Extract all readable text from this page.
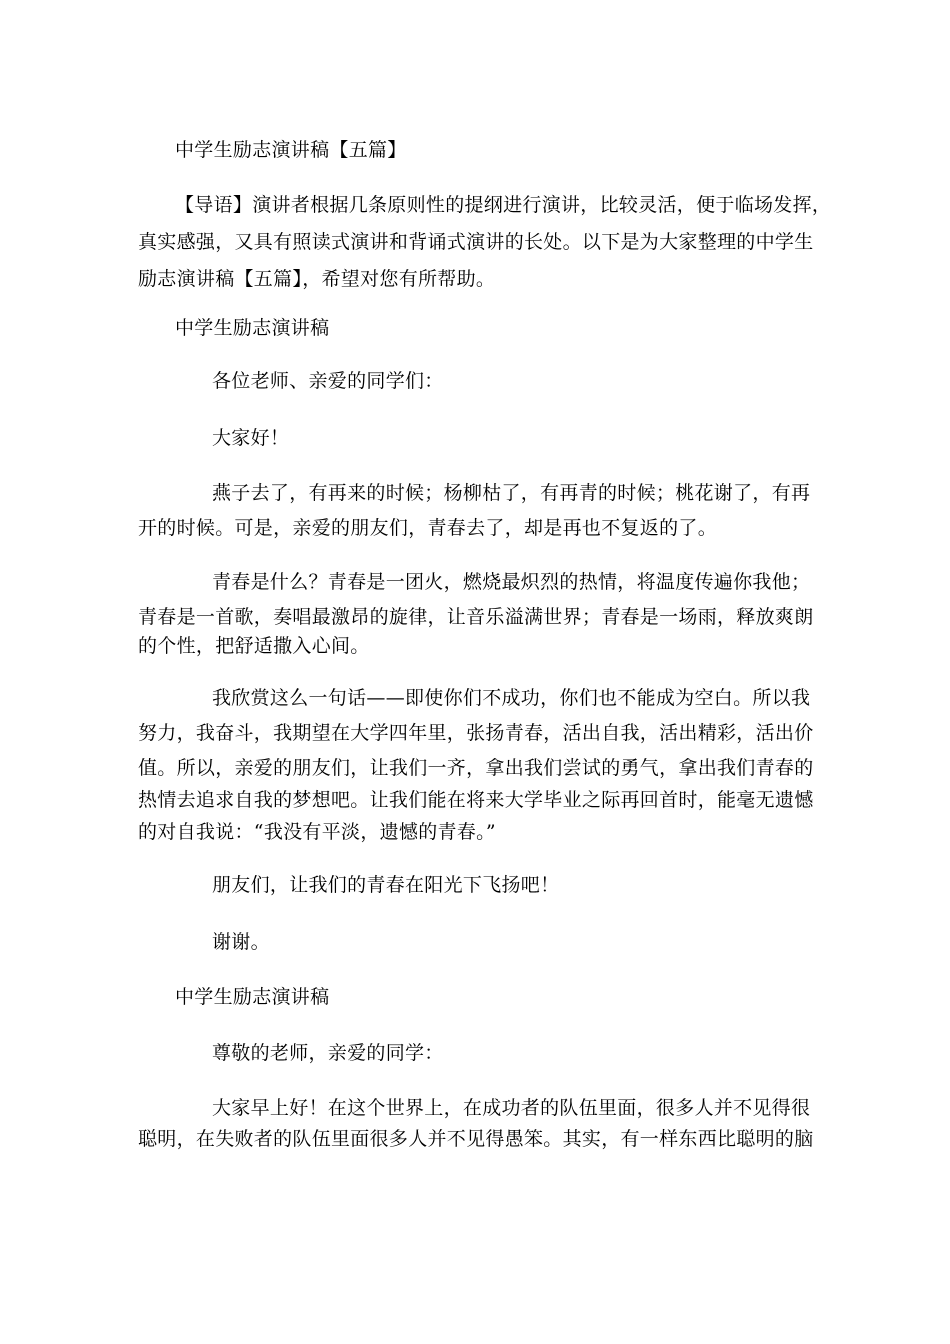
中学生励志演讲稿【五篇】
【导语】演讲者根据几条原则性的提纲进行演讲，比较灵活，便于临场发挥，
真实感强，又具有照读式演讲和背诵式演讲的长处。以下是为大家整理的中学生
励志演讲稿【五篇】，希望对您有所帮助。
中学生励志演讲稿
各位老师、亲爱的同学们：
大家好！
燕子去了，有再来的时候；杨柳枯了，有再青的时候；桃花谢了，有再
开的时候。可是，亲爱的朋友们，青春去了，却是再也不复返的了。
青春是什么？青春是一团火，燃烧最炽烈的热情，将温度传遍你我他；
青春是一首歌，奏唱最激昂的旋律，让音乐溢满世界；青春是一场雨，释放爽朗
的个性，把舒适撒入心间。
我欣赏这么一句话——即使你们不成功，你们也不能成为空白。所以我
努力，我奋斗，我期望在大学四年里，张扬青春，活出自我，活出精彩，活出价
值。所以，亲爱的朋友们，让我们一齐，拿出我们尝试的勇气，拿出我们青春的
热情去追求自我的梦想吧。让我们能在将来大学毕业之际再回首时，能毫无遗憾
的对自我说：“我没有平淡，遗憾的青春。”
朋友们，让我们的青春在阳光下飞扬吧！
谢谢。
中学生励志演讲稿
尊敬的老师，亲爱的同学：
大家早上好！在这个世界上，在成功者的队伍里面，很多人并不见得很
聪明，在失败者的队伍里面很多人并不见得愚笨。其实，有一样东西比聪明的脑
